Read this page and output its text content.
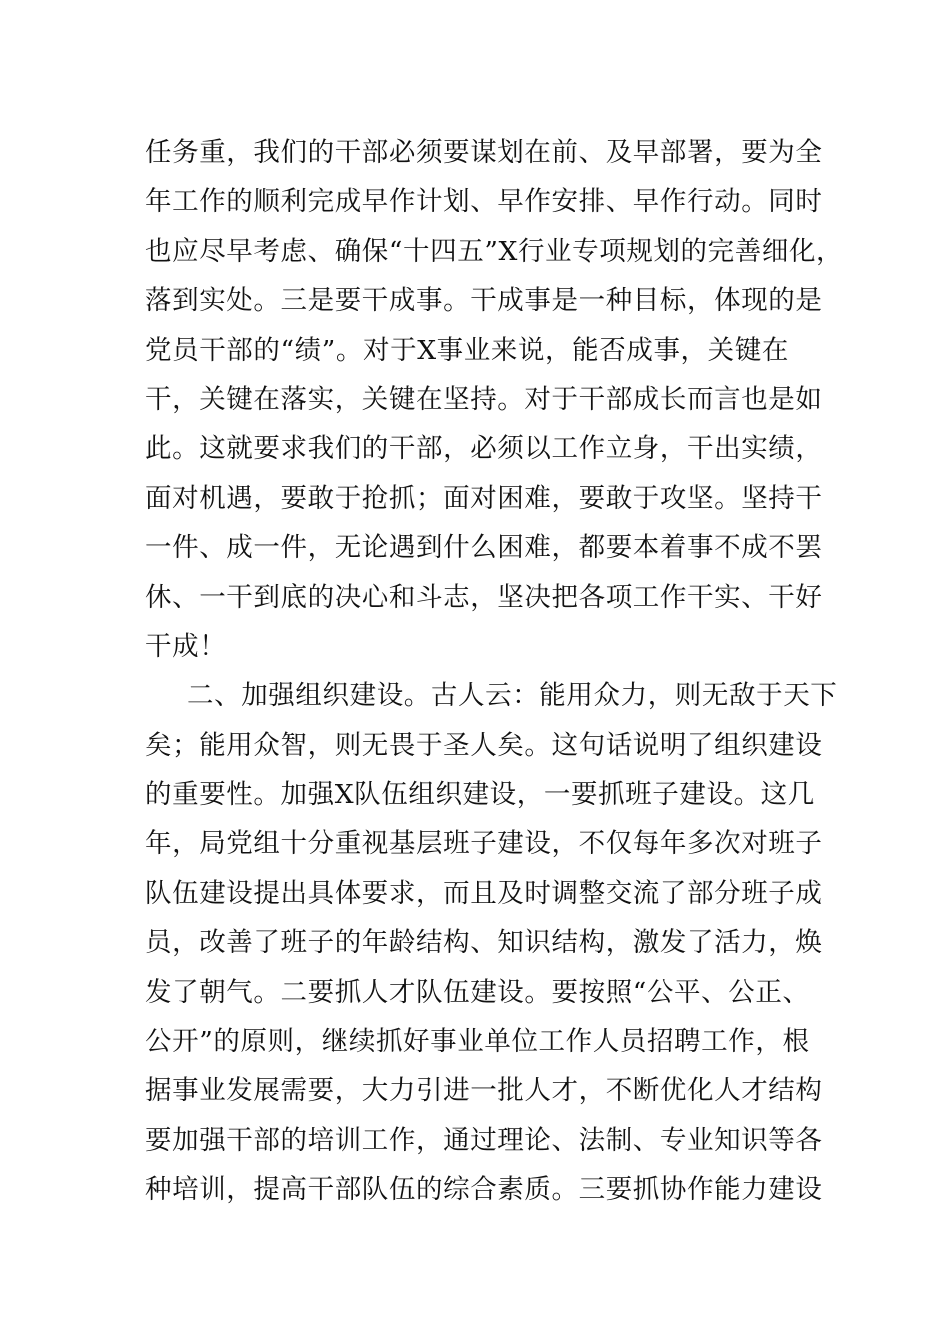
任务重，我们的干部必须要谋划在前、及早部署，要为全
年工作的顺利完成早作计划、早作安排、早作行动。同时
也应尽早考虑、确保“十四五”X行业专项规划的完善细化，
落到实处。三是要干成事。干成事是一种目标，体现的是
党员干部的“绩”。对于X事业来说，能否成事，关键在
干，关键在落实，关键在坚持。对于干部成长而言也是如
此。这就要求我们的干部，必须以工作立身，干出实绩，
面对机遇，要敢于抢抓；面对困难，要敢于攻坚。坚持干
一件、成一件，无论遇到什么困难，都要本着事不成不罢
休、一干到底的决心和斗志，坚决把各项工作干实、干好
干成！
二、加强组织建设。古人云：能用众力，则无敌于天下
矣；能用众智，则无畏于圣人矣。这句话说明了组织建设
的重要性。加强X队伍组织建设，一要抓班子建设。这几
年，局党组十分重视基层班子建设，不仅每年多次对班子
队伍建设提出具体要求，而且及时调整交流了部分班子成
员，改善了班子的年龄结构、知识结构，激发了活力，焕
发了朝气。二要抓人才队伍建设。要按照“公平、公正、
公开”的原则，继续抓好事业单位工作人员招聘工作，根
据事业发展需要，大力引进一批人才，不断优化人才结构
要加强干部的培训工作，通过理论、法制、专业知识等各
种培训，提高干部队伍的综合素质。三要抓协作能力建设
